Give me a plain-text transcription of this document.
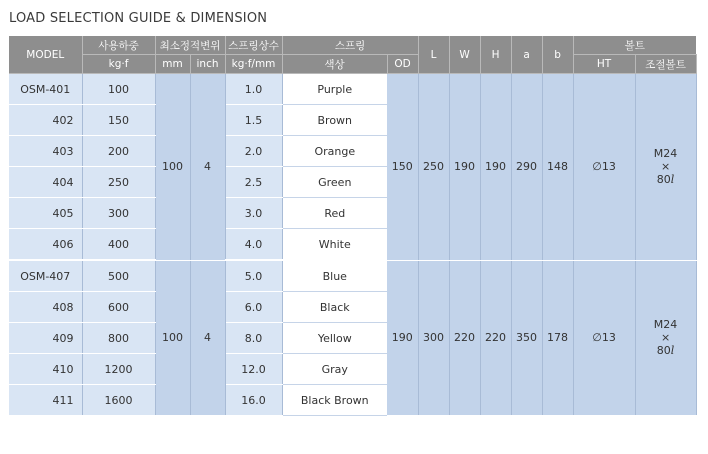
LOAD SELECTION GUIDE & DIMENSION
MODEL	사용하중	최소정적변위		스프링상수	스프링		L	W	H	a	b	볼트		
	kg·f	mm	inch	kg·f/mm	색상	OD						HT	조절볼트	
OSM-401	100	100	4	1.0	Purple	150	250	190	190	290	148	∅13	M24
×
80l

402	150			1.5	Brown									
403	200			2.0	Orange									
404	250			2.5	Green									
405	300			3.0	Red									
406	400			4.0	White									
OSM-407	500	100	4	5.0	Blue	190	300	220	220	350	178	∅13	M24
×
80l

408	600			6.0	Black									
409	800			8.0	Yellow									
410	1200			12.0	Gray									
411	1600			16.0	Black Brown									
